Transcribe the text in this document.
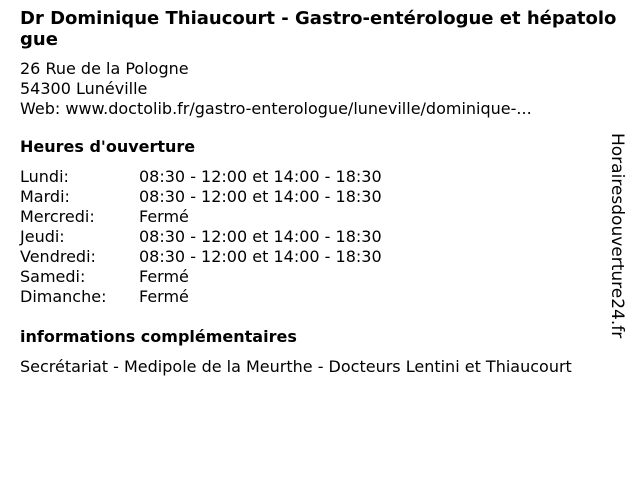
Dr Dominique Thiaucourt - Gastro-entérologue et hépatologue
26 Rue de la Pologne
54300 Lunéville
Web: www.doctolib.fr/gastro-enterologue/luneville/dominique-...
Heures d'ouverture
Lundi:	08:30 - 12:00 et 14:00 - 18:30
Mardi:	08:30 - 12:00 et 14:00 - 18:30
Mercredi:	Fermé
Jeudi:	08:30 - 12:00 et 14:00 - 18:30
Vendredi:	08:30 - 12:00 et 14:00 - 18:30
Samedi:	Fermé
Dimanche:	Fermé
informations complémentaires
Secrétariat - Medipole de la Meurthe - Docteurs Lentini et Thiaucourt
Horairesdouverture24.fr
